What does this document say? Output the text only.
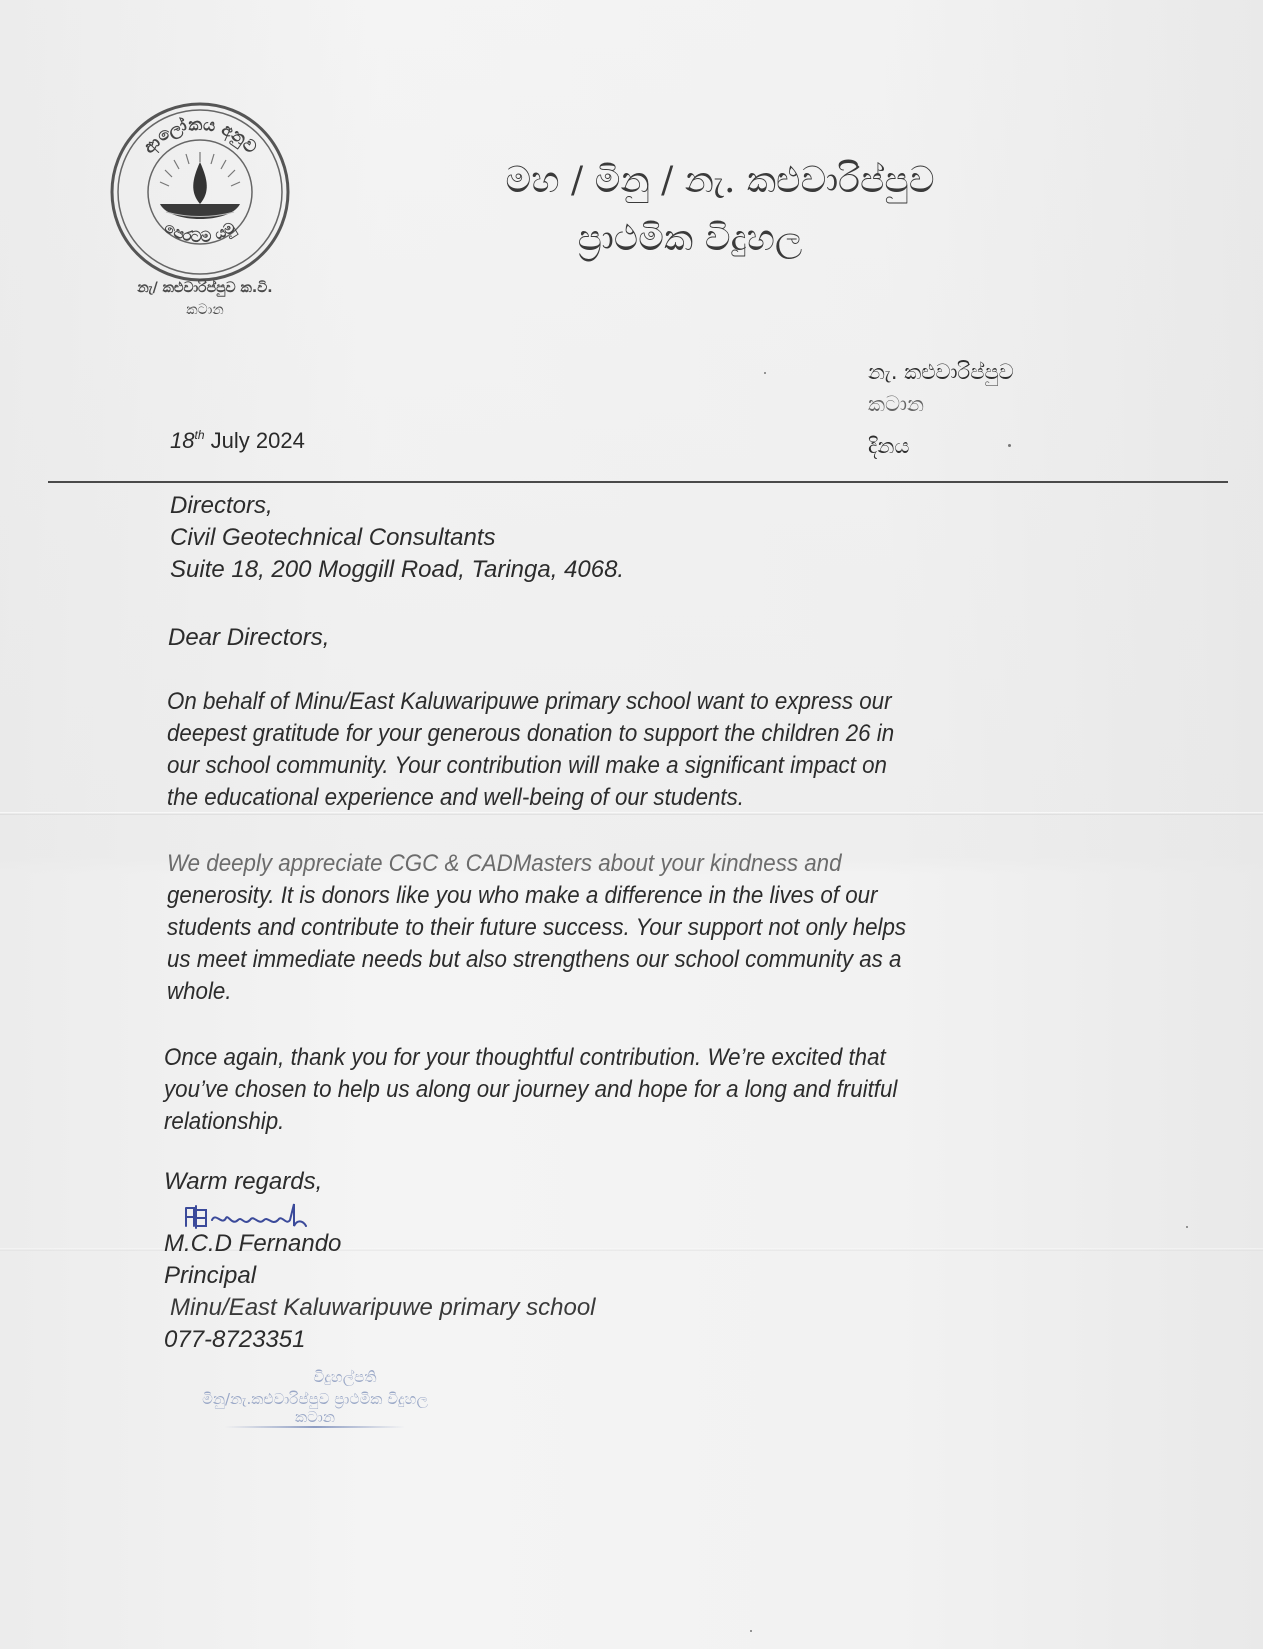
ආලෝකය අනුව
පෙරටම යමු
නැ/ කළුවාරිප්පුව ක.වි.
කටාන
මහ / මිනු / නැ. කළුවාරිප්පුව
ප්‍රාථමික විදුහල
නැ. කළුවාරිප්පුව
කටාන
දිනය
18th July 2024
Directors,
Civil Geotechnical Consultants
Suite 18, 200 Moggill Road, Taringa, 4068.
Dear Directors,
On behalf of Minu/East Kaluwaripuwe primary school want to express our
deepest gratitude for your generous donation to support the children 26 in
our school community. Your contribution will make a significant impact on
the educational experience and well-being of our students.
We deeply appreciate CGC & CADMasters about your kindness and
generosity. It is donors like you who make a difference in the lives of our
students and contribute to their future success. Your support not only helps
us meet immediate needs but also strengthens our school community as a
whole.
Once again, thank you for your thoughtful contribution. We’re excited that
you’ve chosen to help us along our journey and hope for a long and fruitful
relationship.
Warm regards,
M.C.D Fernando
Principal
Minu/East Kaluwaripuwe primary school
077-8723351
විදුහල්පති
මිනු/නැ.කළුවාරිප්පුව ප්‍රාථමික විදුහල
කටාන
